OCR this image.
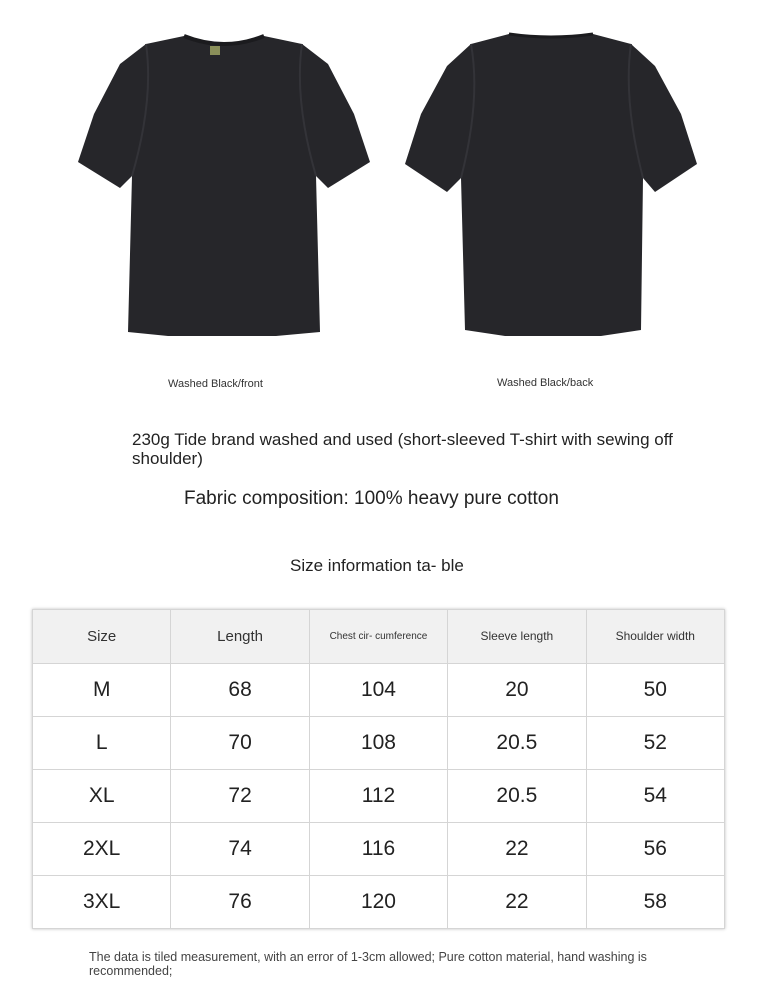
Washed Black/front	Washed Black/back
230g Tide brand washed and used (short-sleeved T-shirt with sewing off shoulder)
Fabric composition: 100% heavy pure cotton
Size information ta- ble
Size	Length	Chest cir- cumference	Sleeve length	Shoulder width
M	68	104	20	50
L	70	108	20.5	52
XL	72	112	20.5	54
2XL	74	116	22	56
3XL	76	120	22	58
The data is tiled measurement, with an error of 1-3cm allowed; Pure cotton material, hand washing is recommended;
